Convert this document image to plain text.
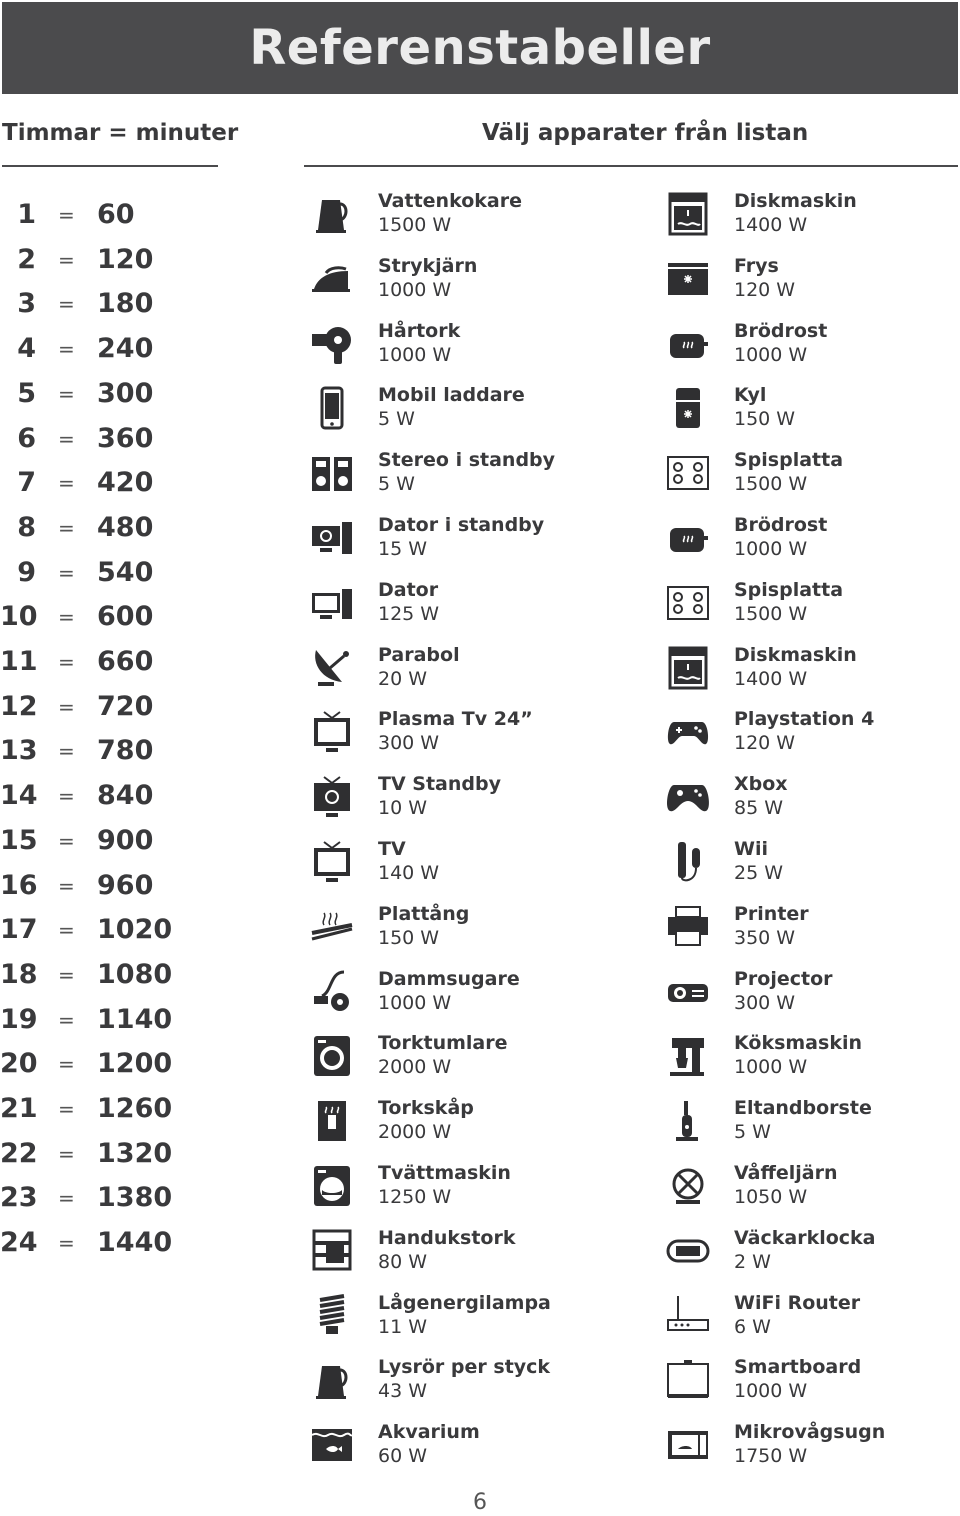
Referenstabeller
Timmar = minuter	Välj apparater från listan
1 = 60
2 = 120
3 = 180
4 = 240
5 = 300
6 = 360
7 = 420
8 = 480
9 = 540
10 = 600
11 = 660
12 = 720
13 = 780
14 = 840
15 = 900
16 = 960
17 = 1020
18 = 1080
19 = 1140
20 = 1200
21 = 1260
22 = 1320
23 = 1380
24 = 1440
Vattenkokare
1500 W
Strykjärn
1000 W
Hårtork
1000 W
Mobil laddare
5 W
Stereo i standby
5 W
Dator i standby
15 W
Dator
125 W
Parabol
20 W
Plasma Tv 24”
300 W
TV Standby
10 W
TV
140 W
Plattång
150 W
Dammsugare
1000 W
Torktumlare
2000 W
Torkskåp
2000 W
Tvättmaskin
1250 W
Handukstork
80 W
Lågenergilampa
11 W
Lysrör per styck
43 W
Akvarium
60 W
Diskmaskin
1400 W
Frys
120 W
Brödrost
1000 W
Kyl
150 W
Spisplatta
1500 W
Brödrost
1000 W
Spisplatta
1500 W
Diskmaskin
1400 W
Playstation 4
120 W
Xbox
85 W
Wii
25 W
Printer
350 W
Projector
300 W
Köksmaskin
1000 W
Eltandborste
5 W
Våffeljärn
1050 W
Väckarklocka
2 W
WiFi Router
6 W
Smartboard
1000 W
Mikrovågsugn
1750 W
6
